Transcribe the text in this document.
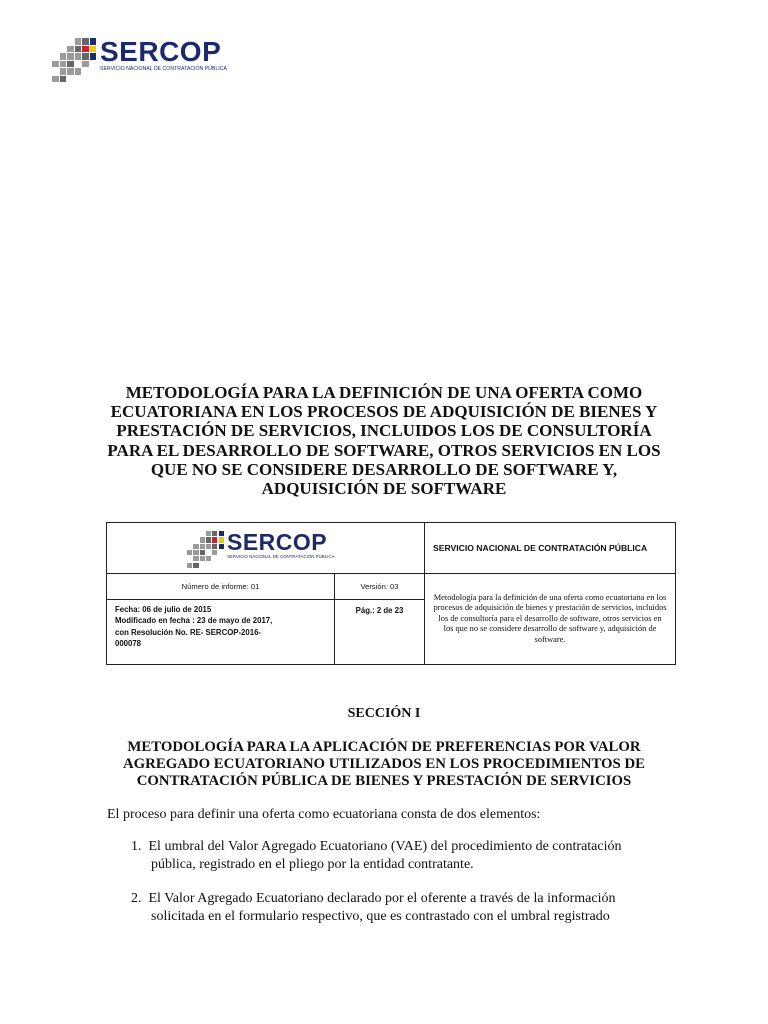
SERCOP
SERVICIO NACIONAL DE CONTRATACIÓN PÚBLICA
METODOLOGÍA PARA LA DEFINICIÓN DE UNA OFERTA COMO ECUATORIANA EN LOS PROCESOS DE ADQUISICIÓN DE BIENES Y PRESTACIÓN DE SERVICIOS, INCLUIDOS LOS DE CONSULTORÍA PARA EL DESARROLLO DE SOFTWARE, OTROS SERVICIOS EN LOS QUE NO SE CONSIDERE DESARROLLO DE SOFTWARE Y, ADQUISICIÓN DE SOFTWARE
SERCOP
SERVICIO NACIONAL DE CONTRATACIÓN PÚBLICA		SERVICIO NACIONAL DE CONTRATACIÓN PÚBLICA
Número de informe: 01	Versión: 03	Metodología para la definición de una oferta como ecuatoriana en los procesos de adquisición de bienes y prestación de servicios, incluidos los de consultoría para el desarrollo de software, otros servicios en los que no se considere desarrollo de software y, adquisición de software.

Fecha: 06 de julio de 2015
Modificado en fecha : 23 de mayo de 2017,
con Resolución No. RE- SERCOP-2016-
000078	Pág.: 2 de 23	
SECCIÓN I
METODOLOGÍA PARA LA APLICACIÓN DE PREFERENCIAS POR VALOR AGREGADO ECUATORIANO UTILIZADOS EN LOS PROCEDIMIENTOS DE CONTRATACIÓN PÚBLICA DE BIENES Y PRESTACIÓN DE SERVICIOS

El proceso para definir una oferta como ecuatoriana consta de dos elementos:

1. El umbral del Valor Agregado Ecuatoriano (VAE) del procedimiento de contratación
pública, registrado en el pliego por la entidad contratante.
2. El Valor Agregado Ecuatoriano declarado por el oferente a través de la información
solicitada en el formulario respectivo, que es contrastado con el umbral registrado
